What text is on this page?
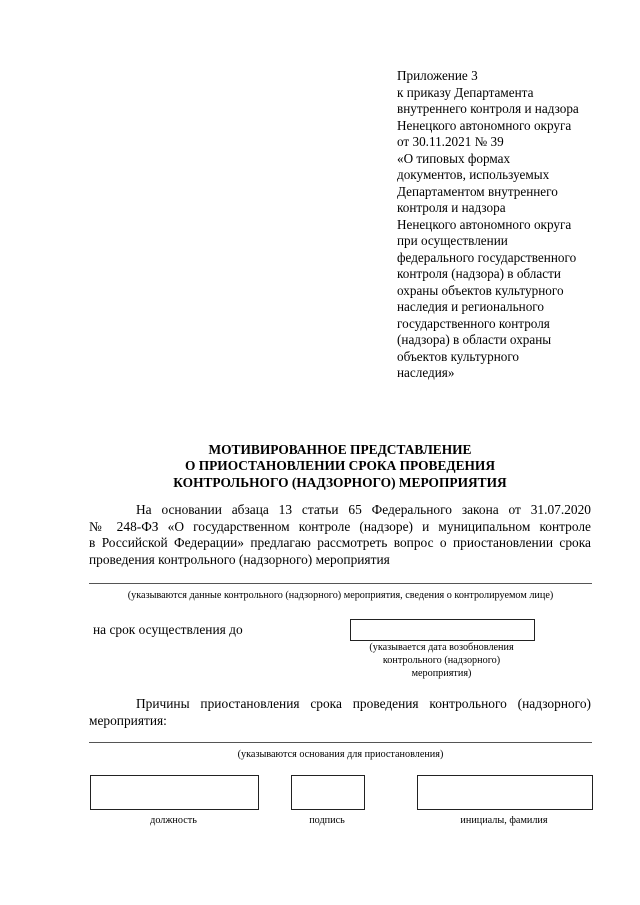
Приложение 3
к приказу Департамента
внутреннего контроля и надзора
Ненецкого автономного округа
от 30.11.2021 № 39
«О типовых формах
документов, используемых
Департаментом внутреннего
контроля и надзора
Ненецкого автономного округа
при осуществлении
федерального государственного
контроля (надзора) в области
охраны объектов культурного
наследия и регионального
государственного контроля
(надзора) в области охраны
объектов культурного
наследия»
МОТИВИРОВАННОЕ ПРЕДСТАВЛЕНИЕ
О ПРИОСТАНОВЛЕНИИ СРОКА ПРОВЕДЕНИЯ
КОНТРОЛЬНОГО (НАДЗОРНОГО) МЕРОПРИЯТИЯ
На основании абзаца 13 статьи 65 Федерального закона от 31.07.2020
№ 248-ФЗ «О государственном контроле (надзоре) и муниципальном контроле
в Российской Федерации» предлагаю рассмотреть вопрос о приостановлении срока
проведения контрольного (надзорного) мероприятия
(указываются данные контрольного (надзорного) мероприятия, сведения о контролируемом лице)
на срок осуществления до
(указывается дата возобновления
контрольного (надзорного)
мероприятия)
Причины приостановления срока проведения контрольного (надзорного)
мероприятия:
(указываются основания для приостановления)
должность	подпись	инициалы, фамилия
